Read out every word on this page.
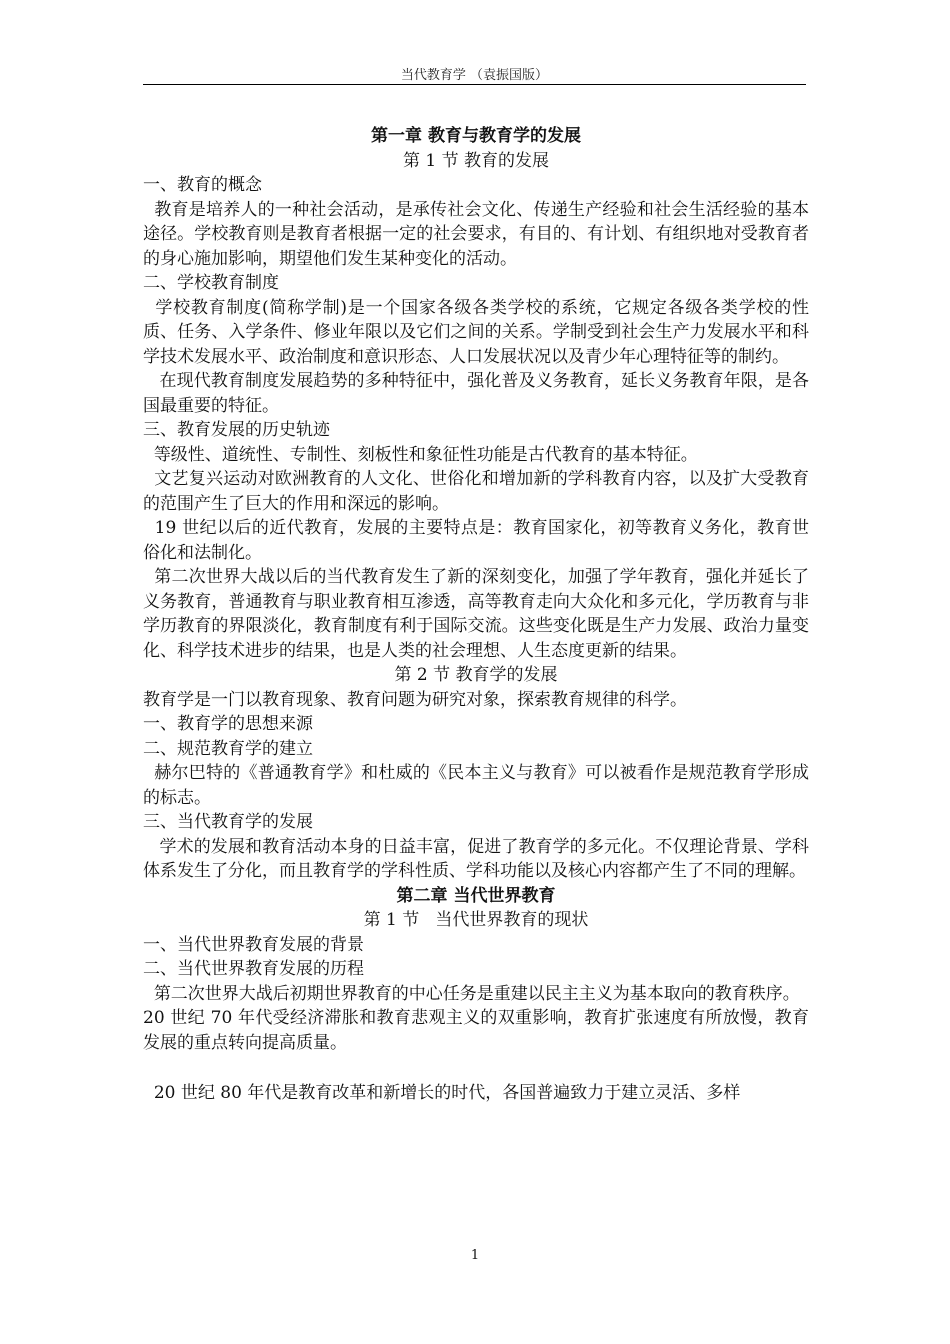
当代教育学 （袁振国版）

第一章 教育与教育学的发展

第 1 节 教育的发展

一、教育的概念

教育是培养人的一种社会活动，是承传社会文化、传递生产经验和社会生活经验的基本途径。学校教育则是教育者根据一定的社会要求，有目的、有计划、有组织地对受教育者的身心施加影响，期望他们发生某种变化的活动。

二、学校教育制度

学校教育制度(简称学制)是一个国家各级各类学校的系统，它规定各级各类学校的性质、任务、入学条件、修业年限以及它们之间的关系。学制受到社会生产力发展水平和科学技术发展水平、政治制度和意识形态、人口发展状况以及青少年心理特征等的制约。

在现代教育制度发展趋势的多种特征中，强化普及义务教育，延长义务教育年限，是各国最重要的特征。

三、教育发展的历史轨迹

等级性、道统性、专制性、刻板性和象征性功能是古代教育的基本特征。

文艺复兴运动对欧洲教育的人文化、世俗化和增加新的学科教育内容，以及扩大受教育的范围产生了巨大的作用和深远的影响。

19 世纪以后的近代教育，发展的主要特点是：教育国家化，初等教育义务化，教育世俗化和法制化。

第二次世界大战以后的当代教育发生了新的深刻变化，加强了学年教育，强化并延长了义务教育，普通教育与职业教育相互渗透，高等教育走向大众化和多元化，学历教育与非学历教育的界限淡化，教育制度有利于国际交流。这些变化既是生产力发展、政治力量变化、科学技术进步的结果，也是人类的社会理想、人生态度更新的结果。

第 2 节 教育学的发展

教育学是一门以教育现象、教育问题为研究对象，探索教育规律的科学。

一、教育学的思想来源

二、规范教育学的建立

赫尔巴特的《普通教育学》和杜威的《民本主义与教育》可以被看作是规范教育学形成的标志。

三、当代教育学的发展

学术的发展和教育活动本身的日益丰富，促进了教育学的多元化。不仅理论背景、学科体系发生了分化，而且教育学的学科性质、学科功能以及核心内容都产生了不同的理解。

第二章 当代世界教育

第 1 节   当代世界教育的现状

一、当代世界教育发展的背景

二、当代世界教育发展的历程

第二次世界大战后初期世界教育的中心任务是重建以民主主义为基本取向的教育秩序。

20 世纪 70 年代受经济滞胀和教育悲观主义的双重影响，教育扩张速度有所放慢，教育发展的重点转向提高质量。

20 世纪 80 年代是教育改革和新增长的时代，各国普遍致力于建立灵活、多样

1
